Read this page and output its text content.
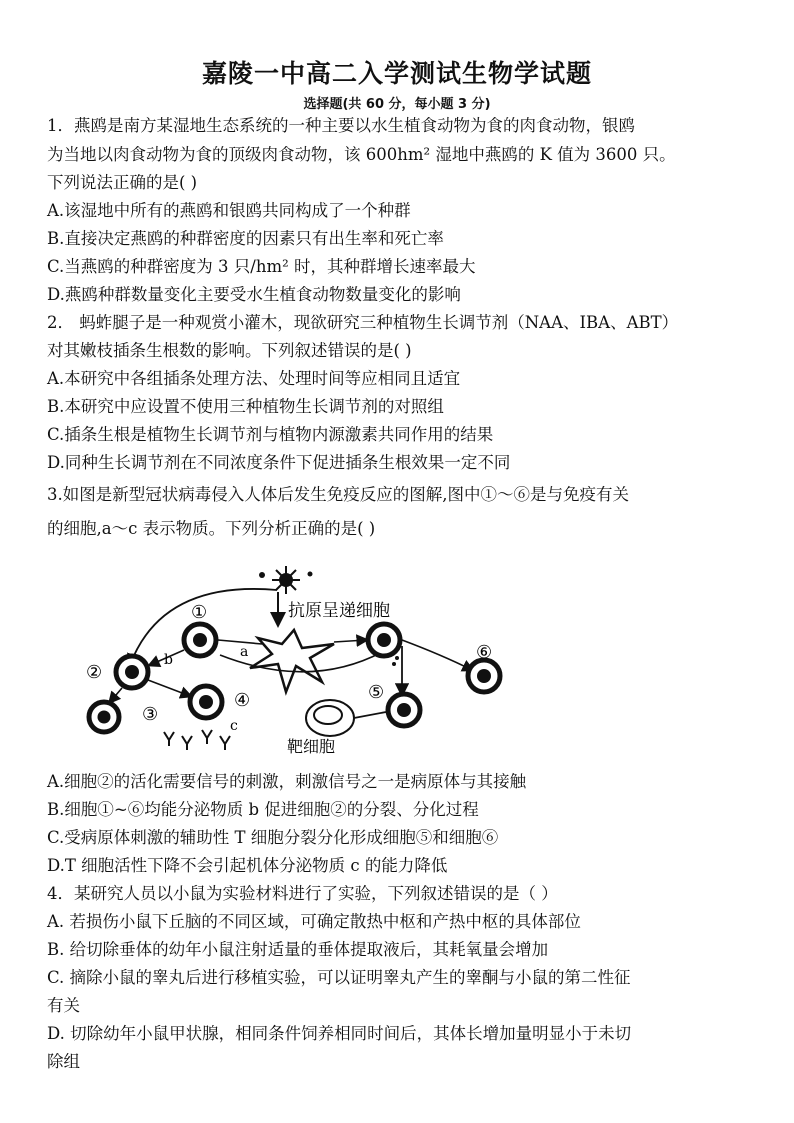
嘉陵一中高二入学测试生物学试题
选择题(共 60 分，每小题 3 分)
1．燕鸥是南方某湿地生态系统的一种主要以水生植食动物为食的肉食动物，银鸥
为当地以肉食动物为食的顶级肉食动物，该 600hm² 湿地中燕鸥的 K 值为 3600 只。
下列说法正确的是( )
A.该湿地中所有的燕鸥和银鸥共同构成了一个种群
B.直接决定燕鸥的种群密度的因素只有出生率和死亡率
C.当燕鸥的种群密度为 3 只/hm² 时，其种群增长速率最大
D.燕鸥种群数量变化主要受水生植食动物数量变化的影响
2． 蚂蚱腿子是一种观赏小灌木，现欲研究三种植物生长调节剂（NAA、IBA、ABT）
对其嫩枝插条生根数的影响。下列叙述错误的是( )
A.本研究中各组插条处理方法、处理时间等应相同且适宜
B.本研究中应设置不使用三种植物生长调节剂的对照组
C.插条生根是植物生长调节剂与植物内源激素共同作用的结果
D.同种生长调节剂在不同浓度条件下促进插条生根效果一定不同
3.如图是新型冠状病毒侵入人体后发生免疫反应的图解,图中①～⑥是与免疫有关
的细胞,a～c 表示物质。下列分析正确的是( )
抗原呈递细胞
①
a
②
b
③
④
c
靶细胞
⑤
⑥
A.细胞②的活化需要信号的刺激，刺激信号之一是病原体与其接触
B.细胞①~⑥均能分泌物质 b 促进细胞②的分裂、分化过程
C.受病原体刺激的辅助性 T 细胞分裂分化形成细胞⑤和细胞⑥
D.T 细胞活性下降不会引起机体分泌物质 c 的能力降低
4．某研究人员以小鼠为实验材料进行了实验，下列叙述错误的是（ ）
A. 若损伤小鼠下丘脑的不同区域，可确定散热中枢和产热中枢的具体部位
B. 给切除垂体的幼年小鼠注射适量的垂体提取液后，其耗氧量会增加
C. 摘除小鼠的睾丸后进行移植实验，可以证明睾丸产生的睾酮与小鼠的第二性征
有关
D. 切除幼年小鼠甲状腺，相同条件饲养相同时间后，其体长增加量明显小于未切
除组
